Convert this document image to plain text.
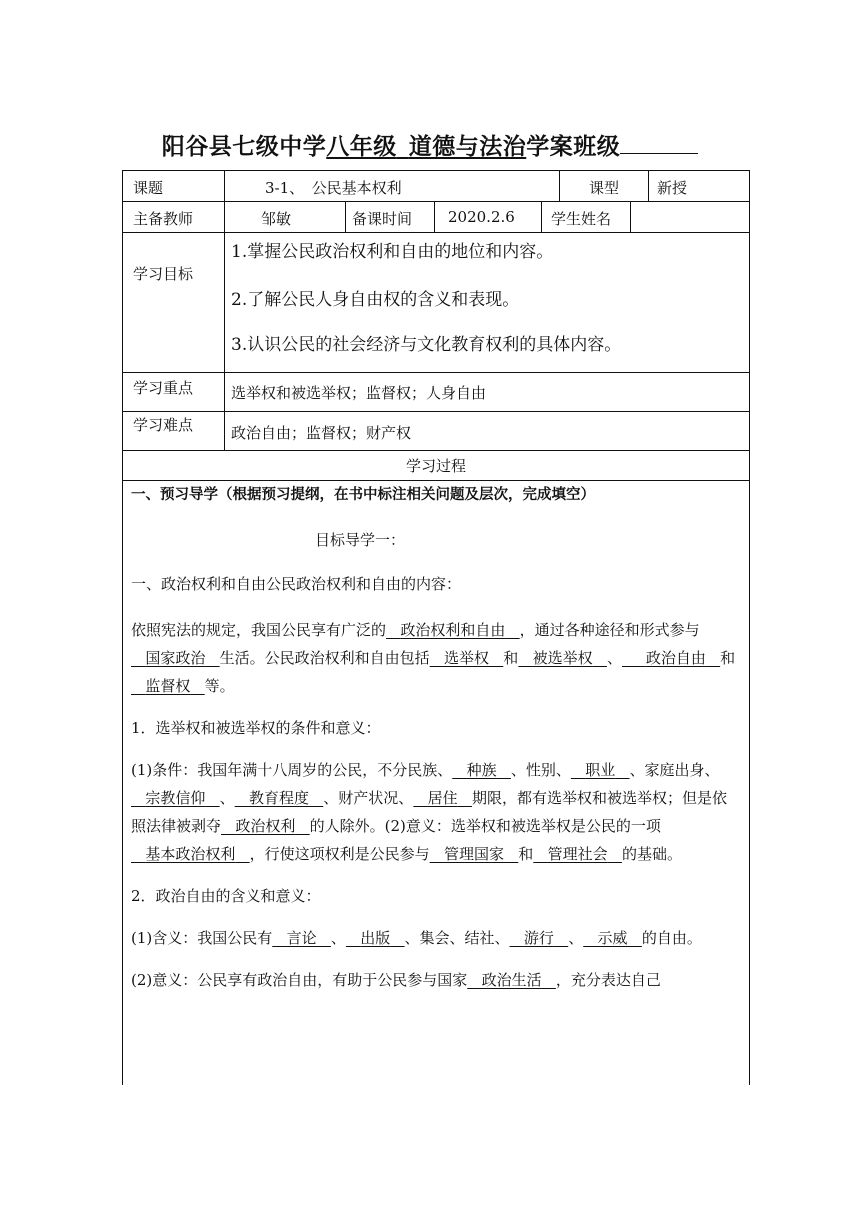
阳谷县七级中学八年级  道德与法治学案班级
课题	3-1、　公民基本权利	课型	新授
主备教师	邹敏	备课时间 2020.2.6 学生姓名
学习目标
1.掌握公民政治权利和自由的地位和内容。
2.了解公民人身自由权的含义和表现。
3.认识公民的社会经济与文化教育权利的具体内容。
学习重点	选举权和被选举权；监督权；人身自由
学习难点	政治自由；监督权；财产权
学习过程

一、预习导学（根据预习提纲，在书中标注相关问题及层次，完成填空）

目标导学一：

一、政治权利和自由公民政治权利和自由的内容：

依照宪法的规定，我国公民享有广泛的 政治权利和自由 ，通过各种途径和形式参与   国家政治 生活。公民政治权利和自由包括 选举权 和 被选举权 、 政治自由 和   监督权 等。

1．选举权和被选举权的条件和意义：

(1)条件：我国年满十八周岁的公民，不分民族、 种族 、性别、 职业 、家庭出身、   宗教信仰 、 教育程度 、财产状况、 居住 期限，都有选举权和被选举权；但是依照法律被剥夺 政治权利 的人除外。(2)意义：选举权和被选举权是公民的一项   基本政治权利 ，行使这项权利是公民参与 管理国家 和 管理社会 的基础。

2．政治自由的含义和意义：

(1)含义：我国公民有 言论 、 出版 、集会、结社、 游行 、 示威 的自由。

(2)意义：公民享有政治自由，有助于公民参与国家 政治生活 ，充分表达自己
